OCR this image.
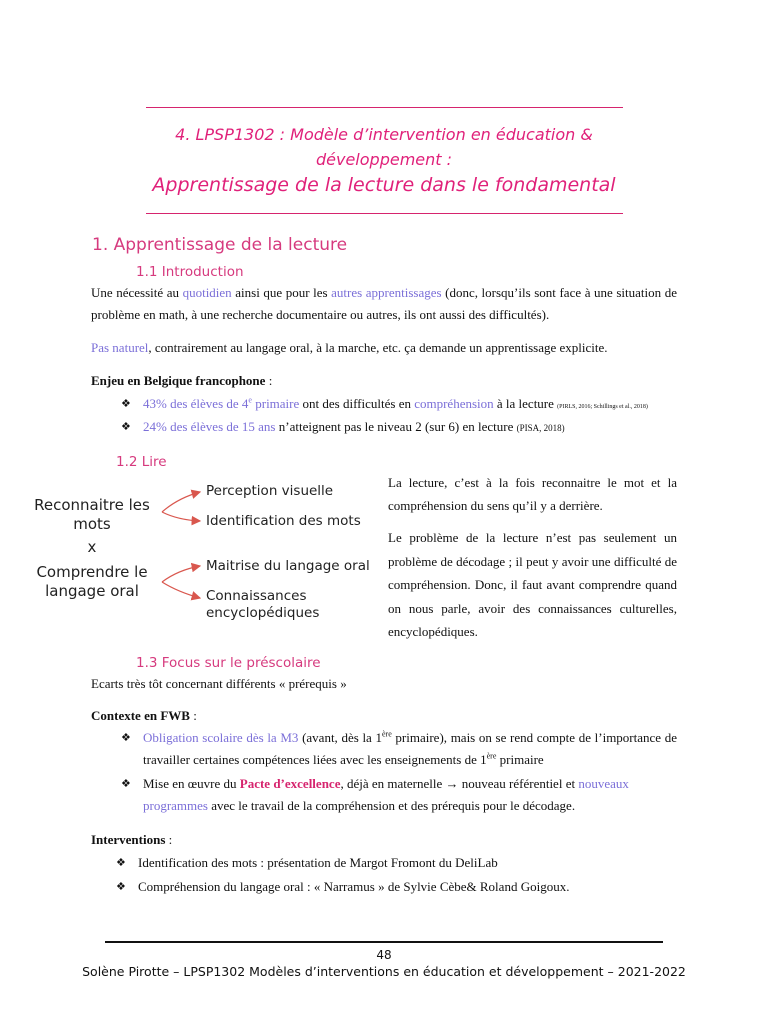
4. LPSP1302 : Modèle d’intervention en éducation &
développement :
Apprentissage de la lecture dans le fondamental
1. Apprentissage de la lecture
1.1 Introduction
Une nécessité au quotidien ainsi que pour les autres apprentissages (donc, lorsqu’ils sont face à une situation de problème en math, à une recherche documentaire ou autres, ils ont aussi des difficultés).
Pas naturel, contrairement au langage oral, à la marche, etc. ça demande un apprentissage explicite.
Enjeu en Belgique francophone :
❖ 43% des élèves de 4e primaire ont des difficultés en compréhension à la lecture (PIRLS, 2016; Schillings et al., 2018)
❖ 24% des élèves de 15 ans n’atteignent pas le niveau 2 (sur 6) en lecture (PISA, 2018)
1.2 Lire
Reconnaitre les mots
x
Comprendre le langage oral
Perception visuelle
Identification des mots
Maitrise du langage oral
Connaissances encyclopédiques
La lecture, c’est à la fois reconnaitre le mot et la compréhension du sens qu’il y a derrière.
Le problème de la lecture n’est pas seulement un problème de décodage ; il peut y avoir une difficulté de compréhension. Donc, il faut avant comprendre quand on nous parle, avoir des connaissances culturelles, encyclopédiques.
1.3 Focus sur le préscolaire
Ecarts très tôt concernant différents « prérequis »
Contexte en FWB :
❖ Obligation scolaire dès la M3 (avant, dès la 1ère primaire), mais on se rend compte de l’importance de travailler certaines compétences liées avec les enseignements de 1ère primaire
❖ Mise en œuvre du Pacte d’excellence, déjà en maternelle → nouveau référentiel et nouveaux programmes avec le travail de la compréhension et des prérequis pour le décodage.
Interventions :
❖ Identification des mots : présentation de Margot Fromont du DeliLab
❖ Compréhension du langage oral : « Narramus » de Sylvie Cèbe& Roland Goigoux.
48
Solène Pirotte – LPSP1302 Modèles d’interventions en éducation et développement – 2021-2022
